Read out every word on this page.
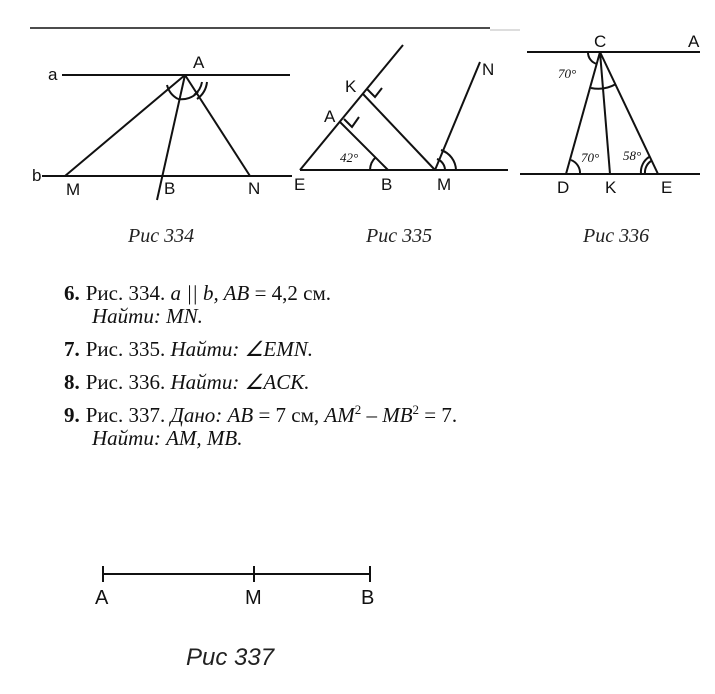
a
b
A
M	B	N
Рис 334
K
A
N
E	B	M
42°
Рис 335
C	A
D K	E
70°
70° 58°
Рис 336
A	M	B
Рис 337
6. Рис. 334. a || b, AB = 4,2 см.
Найти: MN.
7. Рис. 335. Найти: ∠EMN.
8. Рис. 336. Найти: ∠ACK.
9. Рис. 337. Дано: AB = 7 см, $AM^2 - MB^2 = 7$.
Найти: AM, MB.
